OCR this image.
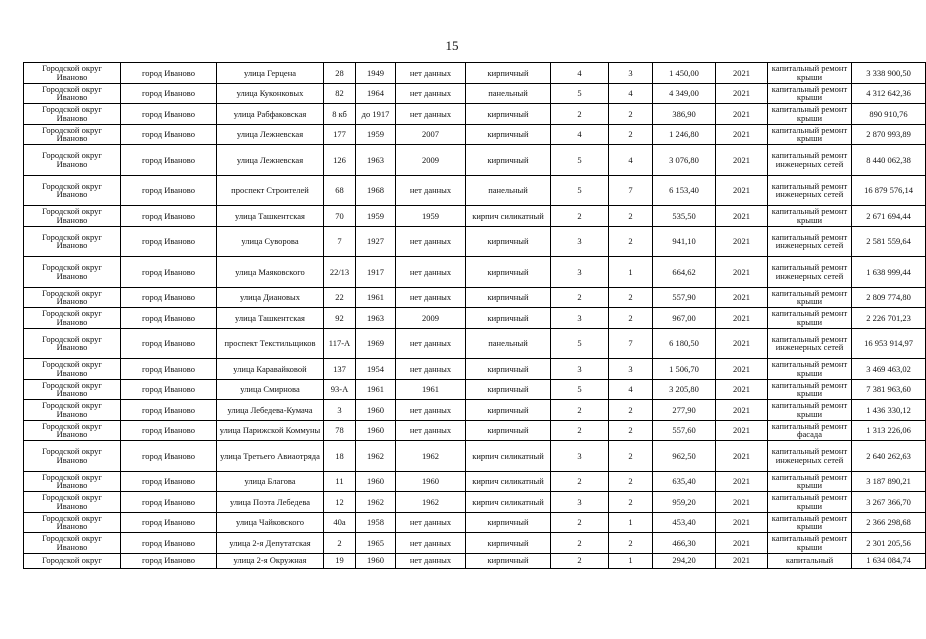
15
Городской округ Иваново	город Иваново	улица Герцена	28	1949	нет данных	кирпичный	4	3	1 450,00	2021	капитальный ремонт крыши	3 338 900,50
Городской округ Иваново	город Иваново	улица Куконковых	82	1964	нет данных	панельный	5	4	4 349,00	2021	капитальный ремонт крыши	4 312 642,36
Городской округ Иваново	город Иваново	улица Рабфаковская	8 кб	до 1917	нет данных	кирпичный	2	2	386,90	2021	капитальный ремонт крыши	890 910,76
Городской округ Иваново	город Иваново	улица Лежневская	177	1959	2007	кирпичный	4	2	1 246,80	2021	капитальный ремонт крыши	2 870 993,89
Городской округ Иваново	город Иваново	улица Лежневская	126	1963	2009	кирпичный	5	4	3 076,80	2021	капитальный ремонт инженерных сетей	8 440 062,38
Городской округ Иваново	город Иваново	проспект Строителей	68	1968	нет данных	панельный	5	7	6 153,40	2021	капитальный ремонт инженерных сетей	16 879 576,14
Городской округ Иваново	город Иваново	улица Ташкентская	70	1959	1959	кирпич силикатный	2	2	535,50	2021	капитальный ремонт крыши	2 671 694,44
Городской округ Иваново	город Иваново	улица Суворова	7	1927	нет данных	кирпичный	3	2	941,10	2021	капитальный ремонт инженерных сетей	2 581 559,64
Городской округ Иваново	город Иваново	улица Маяковского	22/13	1917	нет данных	кирпичный	3	1	664,62	2021	капитальный ремонт инженерных сетей	1 638 999,44
Городской округ Иваново	город Иваново	улица Диановых	22	1961	нет данных	кирпичный	2	2	557,90	2021	капитальный ремонт крыши	2 809 774,80
Городской округ Иваново	город Иваново	улица Ташкентская	92	1963	2009	кирпичный	3	2	967,00	2021	капитальный ремонт крыши	2 226 701,23
Городской округ Иваново	город Иваново	проспект Текстильщиков	117-А	1969	нет данных	панельный	5	7	6 180,50	2021	капитальный ремонт инженерных сетей	16 953 914,97
Городской округ Иваново	город Иваново	улица Каравайковой	137	1954	нет данных	кирпичный	3	3	1 506,70	2021	капитальный ремонт крыши	3 469 463,02
Городской округ Иваново	город Иваново	улица Смирнова	93-А	1961	1961	кирпичный	5	4	3 205,80	2021	капитальный ремонт крыши	7 381 963,60
Городской округ Иваново	город Иваново	улица Лебедева-Кумача	3	1960	нет данных	кирпичный	2	2	277,90	2021	капитальный ремонт крыши	1 436 330,12
Городской округ Иваново	город Иваново	улица Парижской Коммуны	78	1960	нет данных	кирпичный	2	2	557,60	2021	капитальный ремонт фасада	1 313 226,06
Городской округ Иваново	город Иваново	улица Третьего Авиаотряда	18	1962	1962	кирпич силикатный	3	2	962,50	2021	капитальный ремонт инженерных сетей	2 640 262,63
Городской округ Иваново	город Иваново	улица Благова	11	1960	1960	кирпич силикатный	2	2	635,40	2021	капитальный ремонт крыши	3 187 890,21
Городской округ Иваново	город Иваново	улица Поэта Лебедева	12	1962	1962	кирпич силикатный	3	2	959,20	2021	капитальный ремонт крыши	3 267 366,70
Городской округ Иваново	город Иваново	улица Чайковского	40а	1958	нет данных	кирпичный	2	1	453,40	2021	капитальный ремонт крыши	2 366 298,68
Городской округ Иваново	город Иваново	улица 2-я Депутатская	2	1965	нет данных	кирпичный	2	2	466,30	2021	капитальный ремонт крыши	2 301 205,56
Городской округ	город Иваново	улица 2-я Окружная	19	1960	нет данных	кирпичный	2	1	294,20	2021	капитальный	1 634 084,74
